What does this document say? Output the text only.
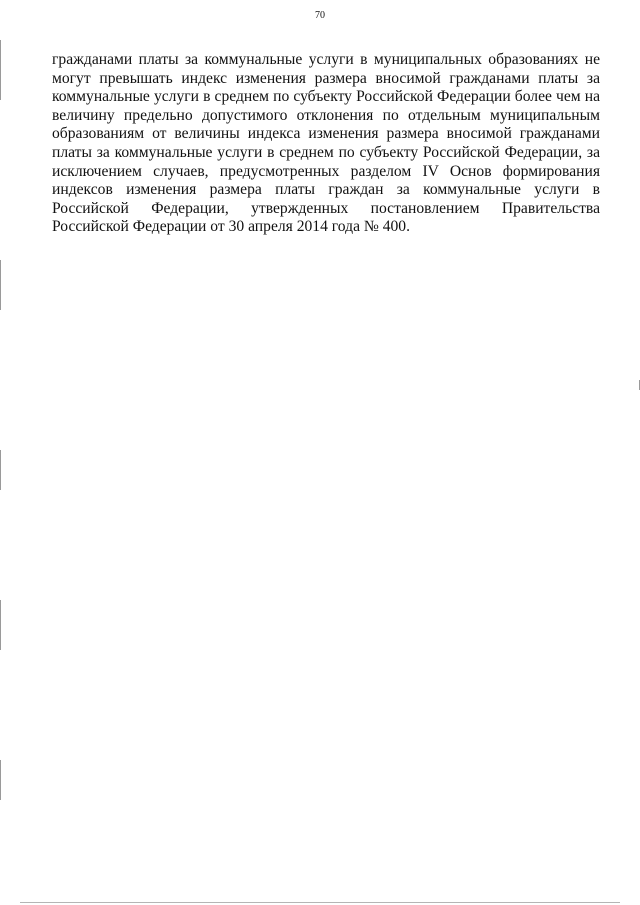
70

гражданами платы за коммунальные услуги в муниципальных образованиях не могут превышать индекс изменения размера вносимой гражданами платы за коммунальные услуги в среднем по субъекту Российской Федерации более чем на величину предельно допустимого отклонения по отдельным муниципальным образованиям от величины индекса изменения размера вносимой гражданами платы за коммунальные услуги в среднем по субъекту Российской Федерации, за исключением случаев, предусмотренных разделом IV Основ формирования индексов изменения размера платы граждан за коммунальные услуги в Российской Федерации, утвержденных постановлением Правительства Российской Федерации от 30 апреля 2014 года № 400.
